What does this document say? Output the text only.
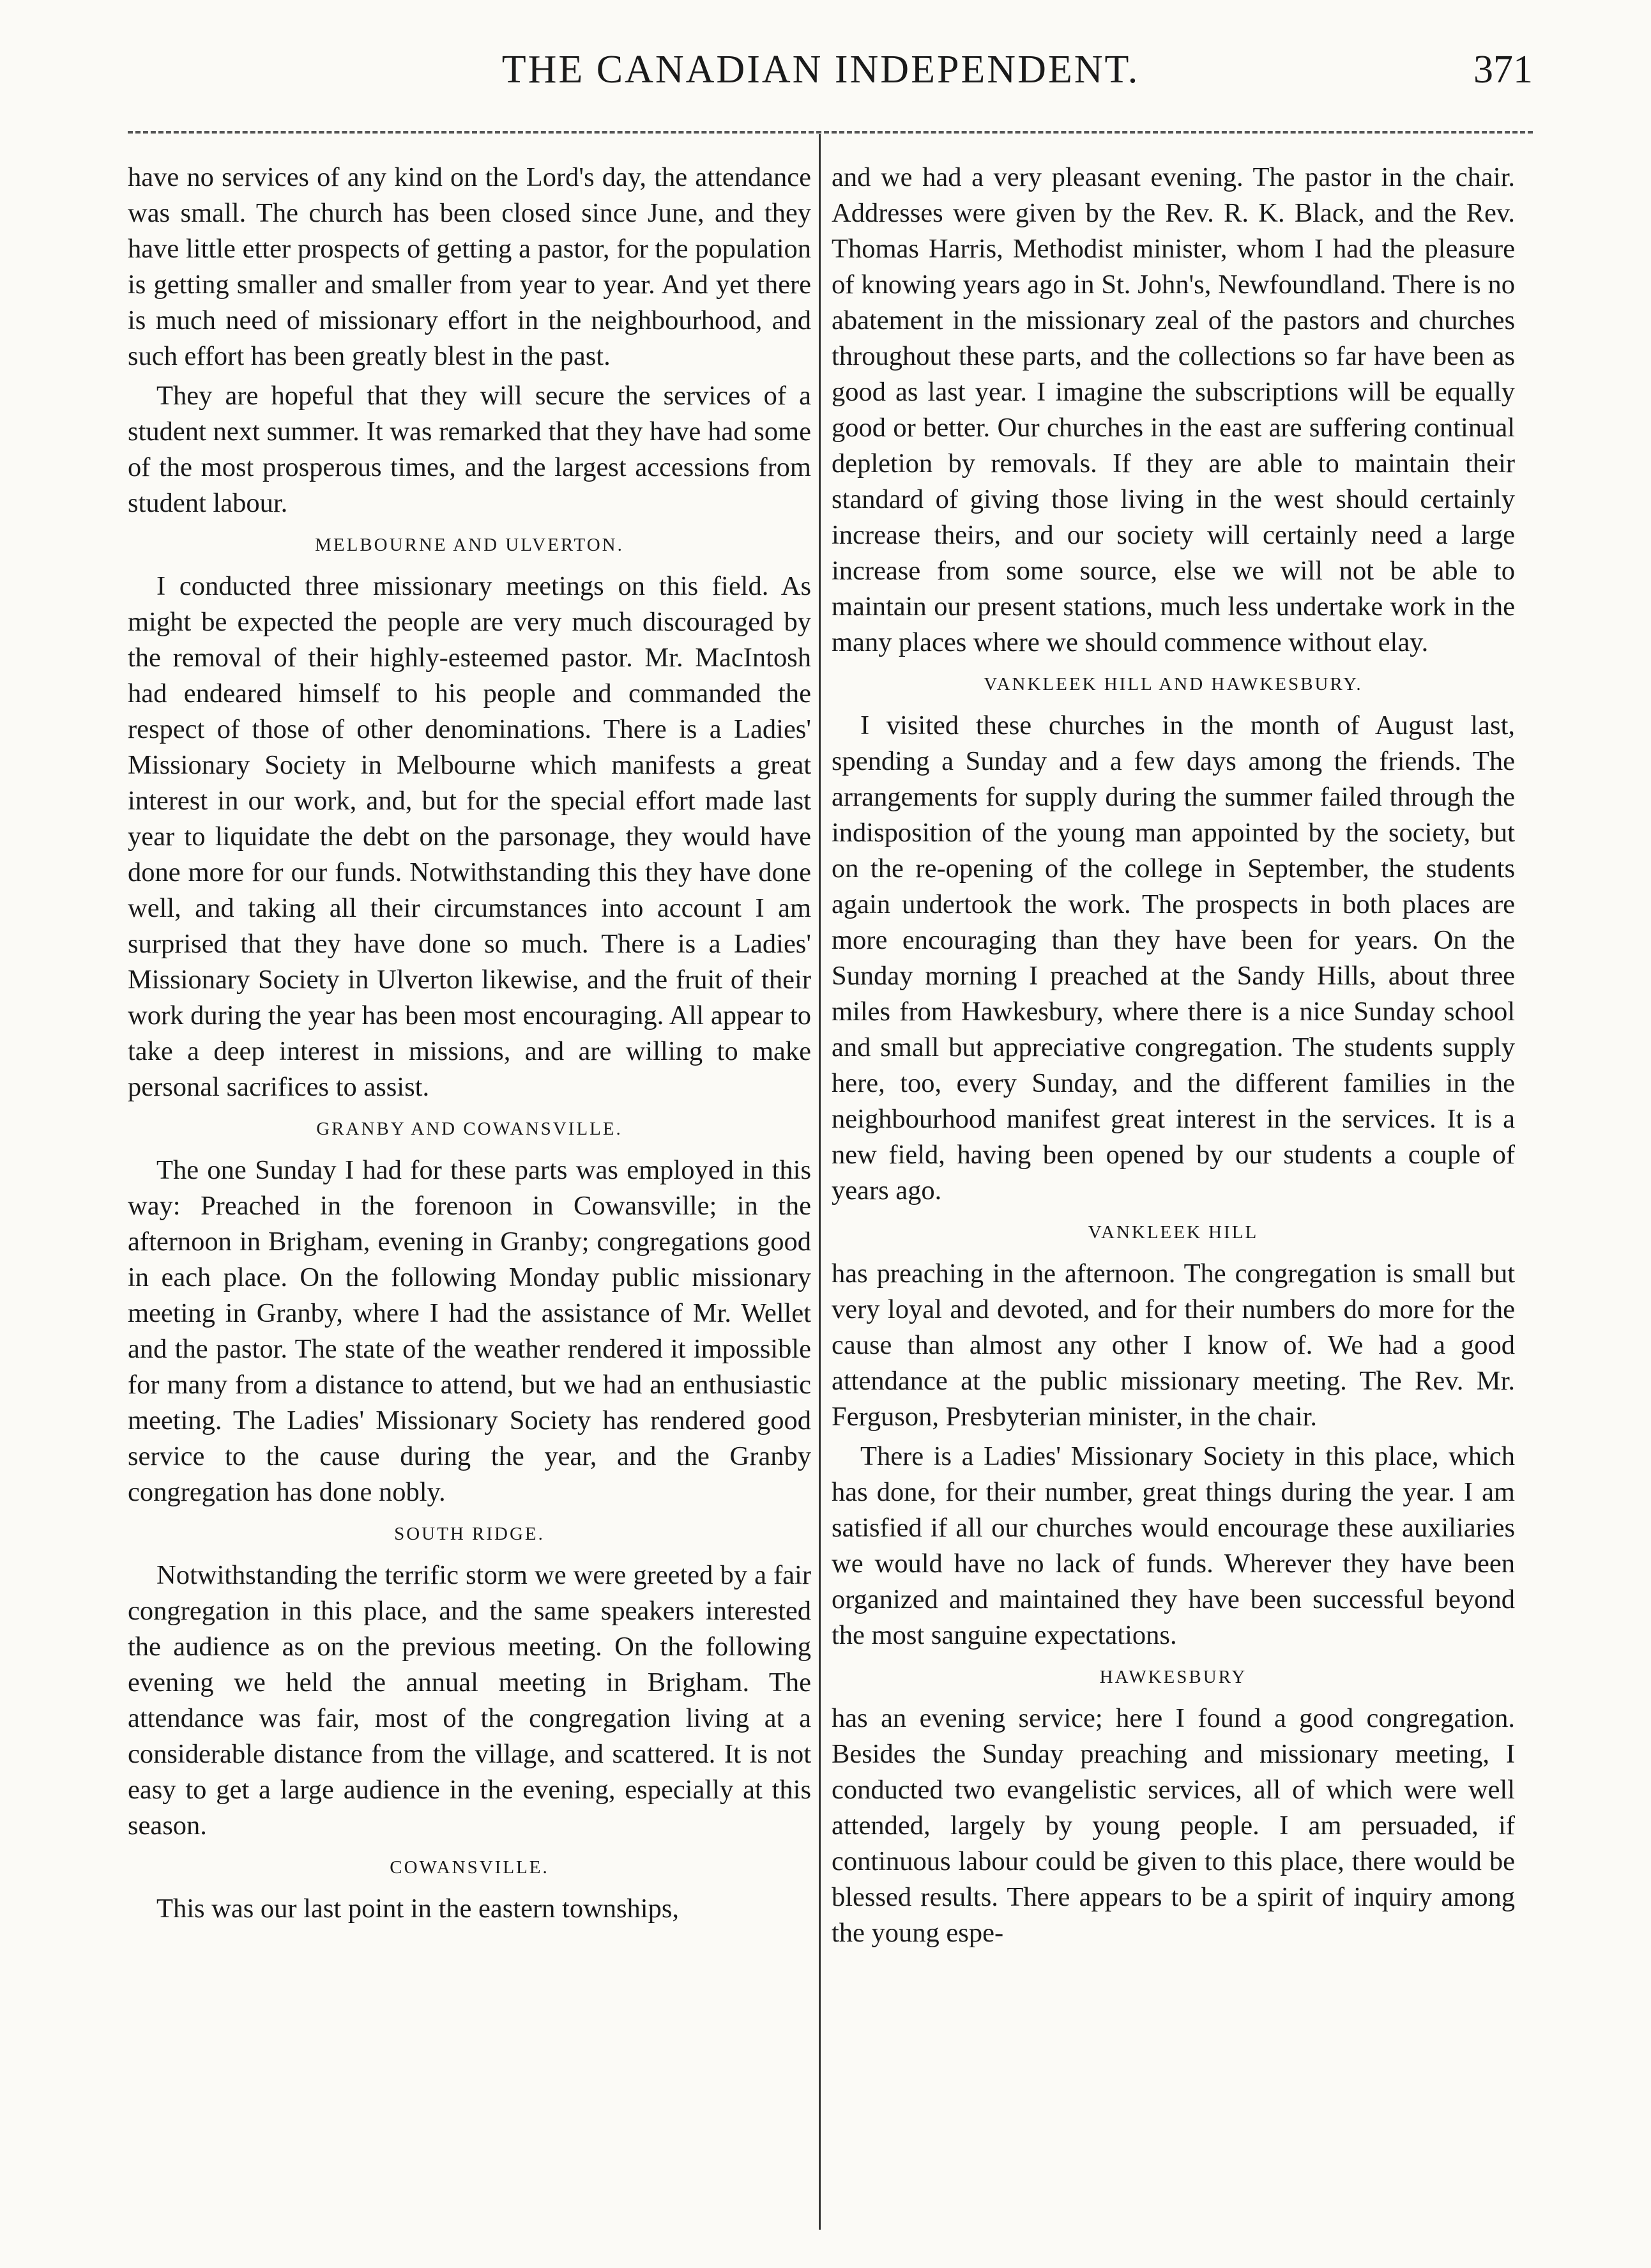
THE CANADIAN INDEPENDENT.	371

have no services of any kind on the Lord's day, the attendance was small. The church has been closed since June, and they have little etter prospects of getting a pastor, for the population is getting smaller and smaller from year to year. And yet there is much need of missionary effort in the neighbourhood, and such effort has been greatly blest in the past.

They are hopeful that they will secure the services of a student next summer. It was remarked that they have had some of the most prosperous times, and the largest accessions from student labour.

MELBOURNE AND ULVERTON.

I conducted three missionary meetings on this field. As might be expected the people are very much discouraged by the removal of their highly-esteemed pastor. Mr. MacIntosh had endeared himself to his people and commanded the respect of those of other denominations. There is a Ladies' Missionary Society in Melbourne which manifests a great interest in our work, and, but for the special effort made last year to liquidate the debt on the parsonage, they would have done more for our funds. Notwithstanding this they have done well, and taking all their circumstances into account I am surprised that they have done so much. There is a Ladies' Missionary Society in Ulverton likewise, and the fruit of their work during the year has been most encouraging. All appear to take a deep interest in missions, and are willing to make personal sacrifices to assist.

GRANBY AND COWANSVILLE.

The one Sunday I had for these parts was employed in this way: Preached in the forenoon in Cowansville; in the afternoon in Brigham, evening in Granby; congregations good in each place. On the following Monday public missionary meeting in Granby, where I had the assistance of Mr. Wellet and the pastor. The state of the weather rendered it impossible for many from a distance to attend, but we had an enthusiastic meeting. The Ladies' Missionary Society has rendered good service to the cause during the year, and the Granby congregation has done nobly.

SOUTH RIDGE.

Notwithstanding the terrific storm we were greeted by a fair congregation in this place, and the same speakers interested the audience as on the previous meeting. On the following evening we held the annual meeting in Brigham. The attendance was fair, most of the congregation living at a considerable distance from the village, and scattered. It is not easy to get a large audience in the evening, especially at this season.

COWANSVILLE.

This was our last point in the eastern townships,

and we had a very pleasant evening. The pastor in the chair. Addresses were given by the Rev. R. K. Black, and the Rev. Thomas Harris, Methodist minister, whom I had the pleasure of knowing years ago in St. John's, Newfoundland. There is no abatement in the missionary zeal of the pastors and churches throughout these parts, and the collections so far have been as good as last year. I imagine the subscriptions will be equally good or better. Our churches in the east are suffering continual depletion by removals. If they are able to maintain their standard of giving those living in the west should certainly increase theirs, and our society will certainly need a large increase from some source, else we will not be able to maintain our present stations, much less undertake work in the many places where we should commence without elay.

VANKLEEK HILL AND HAWKESBURY.

I visited these churches in the month of August last, spending a Sunday and a few days among the friends. The arrangements for supply during the summer failed through the indisposition of the young man appointed by the society, but on the re-opening of the college in September, the students again undertook the work. The prospects in both places are more encouraging than they have been for years. On the Sunday morning I preached at the Sandy Hills, about three miles from Hawkesbury, where there is a nice Sunday school and small but appreciative congregation. The students supply here, too, every Sunday, and the different families in the neighbourhood manifest great interest in the services. It is a new field, having been opened by our students a couple of years ago.

VANKLEEK HILL

has preaching in the afternoon. The congregation is small but very loyal and devoted, and for their numbers do more for the cause than almost any other I know of. We had a good attendance at the public missionary meeting. The Rev. Mr. Ferguson, Presbyterian minister, in the chair.

There is a Ladies' Missionary Society in this place, which has done, for their number, great things during the year. I am satisfied if all our churches would encourage these auxiliaries we would have no lack of funds. Wherever they have been organized and maintained they have been successful beyond the most sanguine expectations.

HAWKESBURY

has an evening service; here I found a good congregation. Besides the Sunday preaching and missionary meeting, I conducted two evangelistic services, all of which were well attended, largely by young people. I am persuaded, if continuous labour could be given to this place, there would be blessed results. There appears to be a spirit of inquiry among the young espe-
